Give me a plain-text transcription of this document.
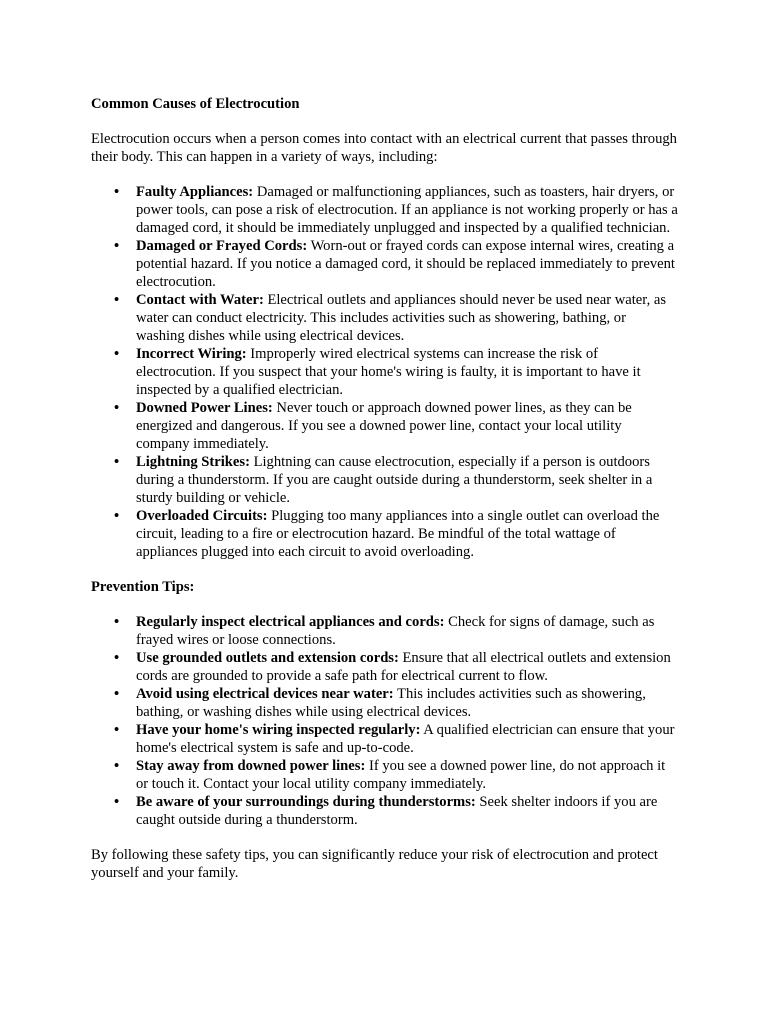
Common Causes of Electrocution

Electrocution occurs when a person comes into contact with an electrical current that passes through their body. This can happen in a variety of ways, including:

• Faulty Appliances: Damaged or malfunctioning appliances, such as toasters, hair dryers, or power tools, can pose a risk of electrocution. If an appliance is not working properly or has a damaged cord, it should be immediately unplugged and inspected by a qualified technician.
• Damaged or Frayed Cords: Worn-out or frayed cords can expose internal wires, creating a potential hazard. If you notice a damaged cord, it should be replaced immediately to prevent electrocution.
• Contact with Water: Electrical outlets and appliances should never be used near water, as water can conduct electricity. This includes activities such as showering, bathing, or washing dishes while using electrical devices.
• Incorrect Wiring: Improperly wired electrical systems can increase the risk of electrocution. If you suspect that your home's wiring is faulty, it is important to have it inspected by a qualified electrician.
• Downed Power Lines: Never touch or approach downed power lines, as they can be energized and dangerous. If you see a downed power line, contact your local utility company immediately.
• Lightning Strikes: Lightning can cause electrocution, especially if a person is outdoors during a thunderstorm. If you are caught outside during a thunderstorm, seek shelter in a sturdy building or vehicle.
• Overloaded Circuits: Plugging too many appliances into a single outlet can overload the circuit, leading to a fire or electrocution hazard. Be mindful of the total wattage of appliances plugged into each circuit to avoid overloading.

Prevention Tips:

• Regularly inspect electrical appliances and cords: Check for signs of damage, such as frayed wires or loose connections.
• Use grounded outlets and extension cords: Ensure that all electrical outlets and extension cords are grounded to provide a safe path for electrical current to flow.
• Avoid using electrical devices near water: This includes activities such as showering, bathing, or washing dishes while using electrical devices.
• Have your home's wiring inspected regularly: A qualified electrician can ensure that your home's electrical system is safe and up-to-code.
• Stay away from downed power lines: If you see a downed power line, do not approach it or touch it. Contact your local utility company immediately.
• Be aware of your surroundings during thunderstorms: Seek shelter indoors if you are caught outside during a thunderstorm.

By following these safety tips, you can significantly reduce your risk of electrocution and protect yourself and your family.
